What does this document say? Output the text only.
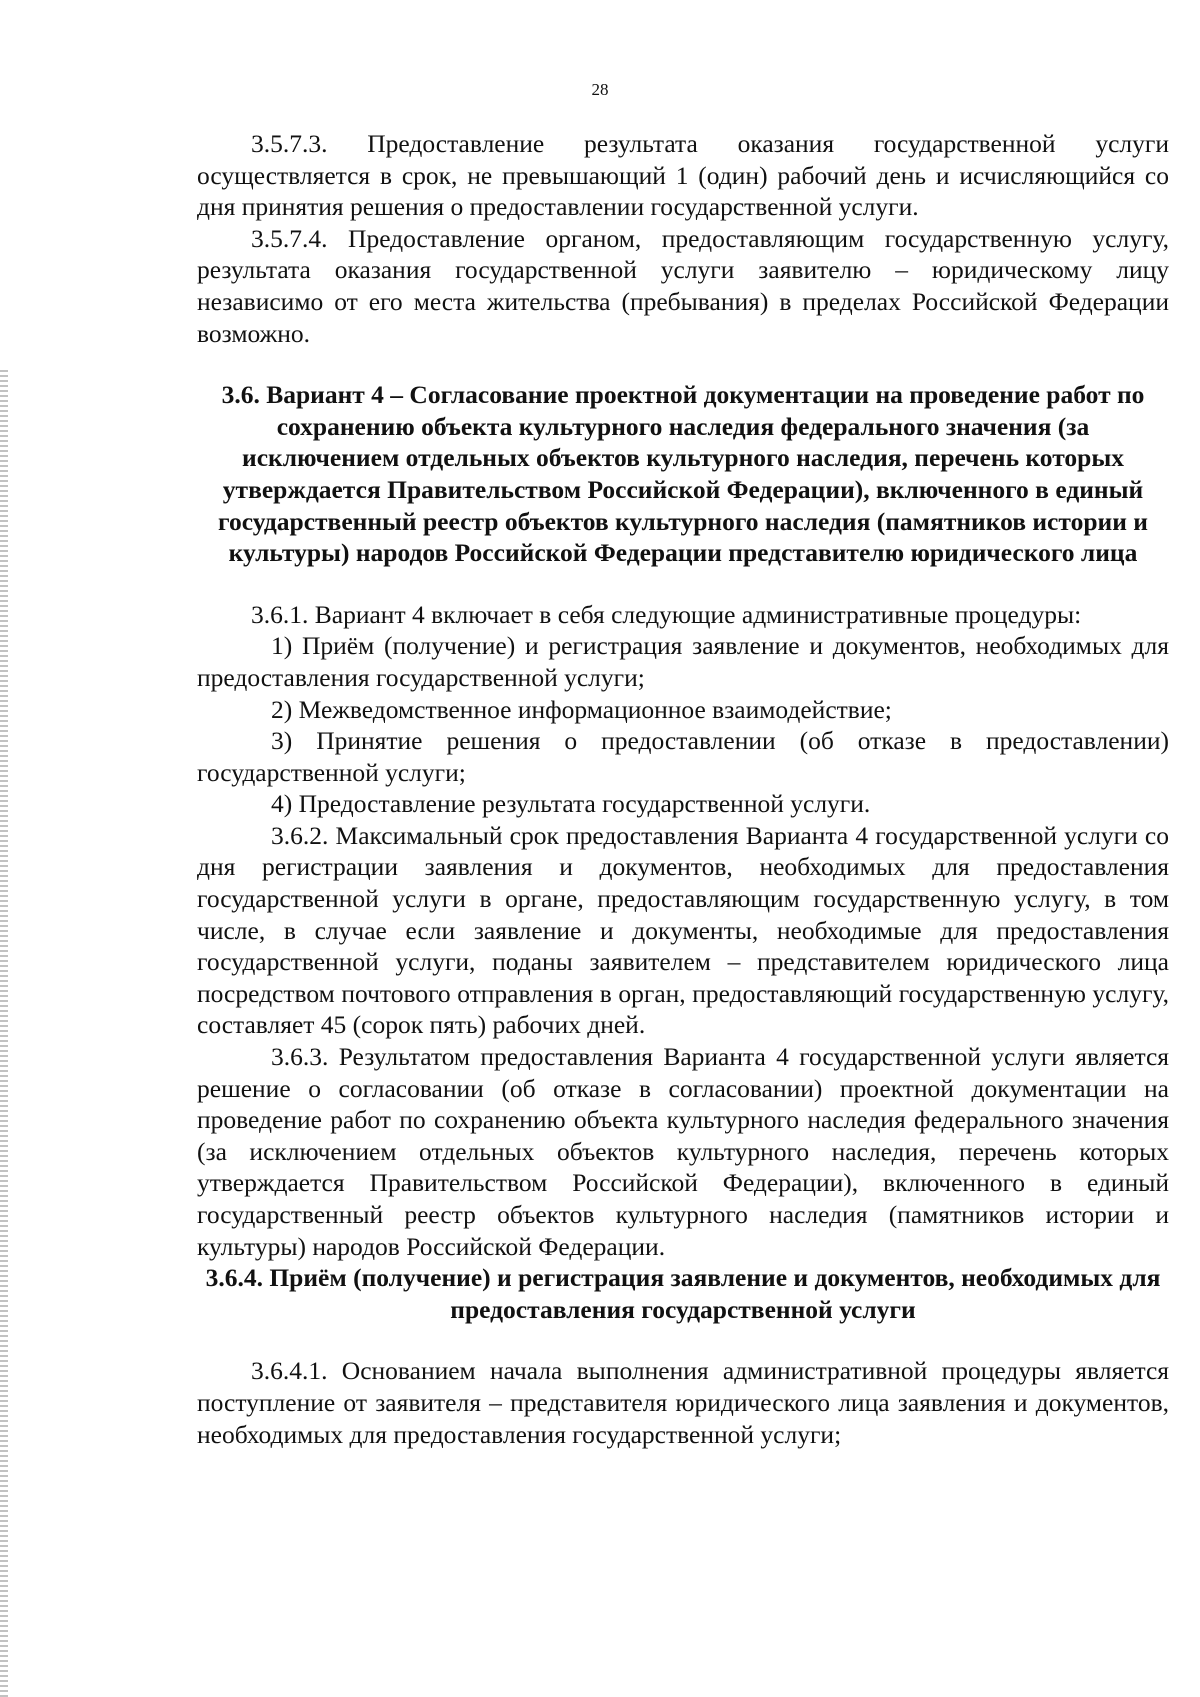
28

3.5.7.3. Предоставление результата оказания государственной услуги осуществляется в срок, не превышающий 1 (один) рабочий день и исчисляющийся со дня принятия решения о предоставлении государственной услуги.

3.5.7.4. Предоставление органом, предоставляющим государственную услугу, результата оказания государственной услуги заявителю – юридическому лицу независимо от его места жительства (пребывания) в пределах Российской Федерации возможно.

3.6. Вариант 4 – Согласование проектной документации на проведение работ по сохранению объекта культурного наследия федерального значения (за исключением отдельных объектов культурного наследия, перечень которых утверждается Правительством Российской Федерации), включенного в единый государственный реестр объектов культурного наследия (памятников истории и культуры) народов Российской Федерации представителю юридического лица

3.6.1. Вариант 4 включает в себя следующие административные процедуры:

1) Приём (получение) и регистрация заявление и документов, необходимых для предоставления государственной услуги;

2) Межведомственное информационное взаимодействие;

3) Принятие решения о предоставлении (об отказе в предоставлении) государственной услуги;

4) Предоставление результата государственной услуги.

3.6.2. Максимальный срок предоставления Варианта 4 государственной услуги со дня регистрации заявления и документов, необходимых для предоставления государственной услуги в органе, предоставляющим государственную услугу, в том числе, в случае если заявление и документы, необходимые для предоставления государственной услуги, поданы заявителем – представителем юридического лица посредством почтового отправления в орган, предоставляющий государственную услугу, составляет 45 (сорок пять) рабочих дней.

3.6.3. Результатом предоставления Варианта 4 государственной услуги является решение о согласовании (об отказе в согласовании) проектной документации на проведение работ по сохранению объекта культурного наследия федерального значения (за исключением отдельных объектов культурного наследия, перечень которых утверждается Правительством Российской Федерации), включенного в единый государственный реестр объектов культурного наследия (памятников истории и культуры) народов Российской Федерации.

3.6.4. Приём (получение) и регистрация заявление и документов, необходимых для предоставления государственной услуги

3.6.4.1. Основанием начала выполнения административной процедуры является поступление от заявителя – представителя юридического лица заявления и документов, необходимых для предоставления государственной услуги;
